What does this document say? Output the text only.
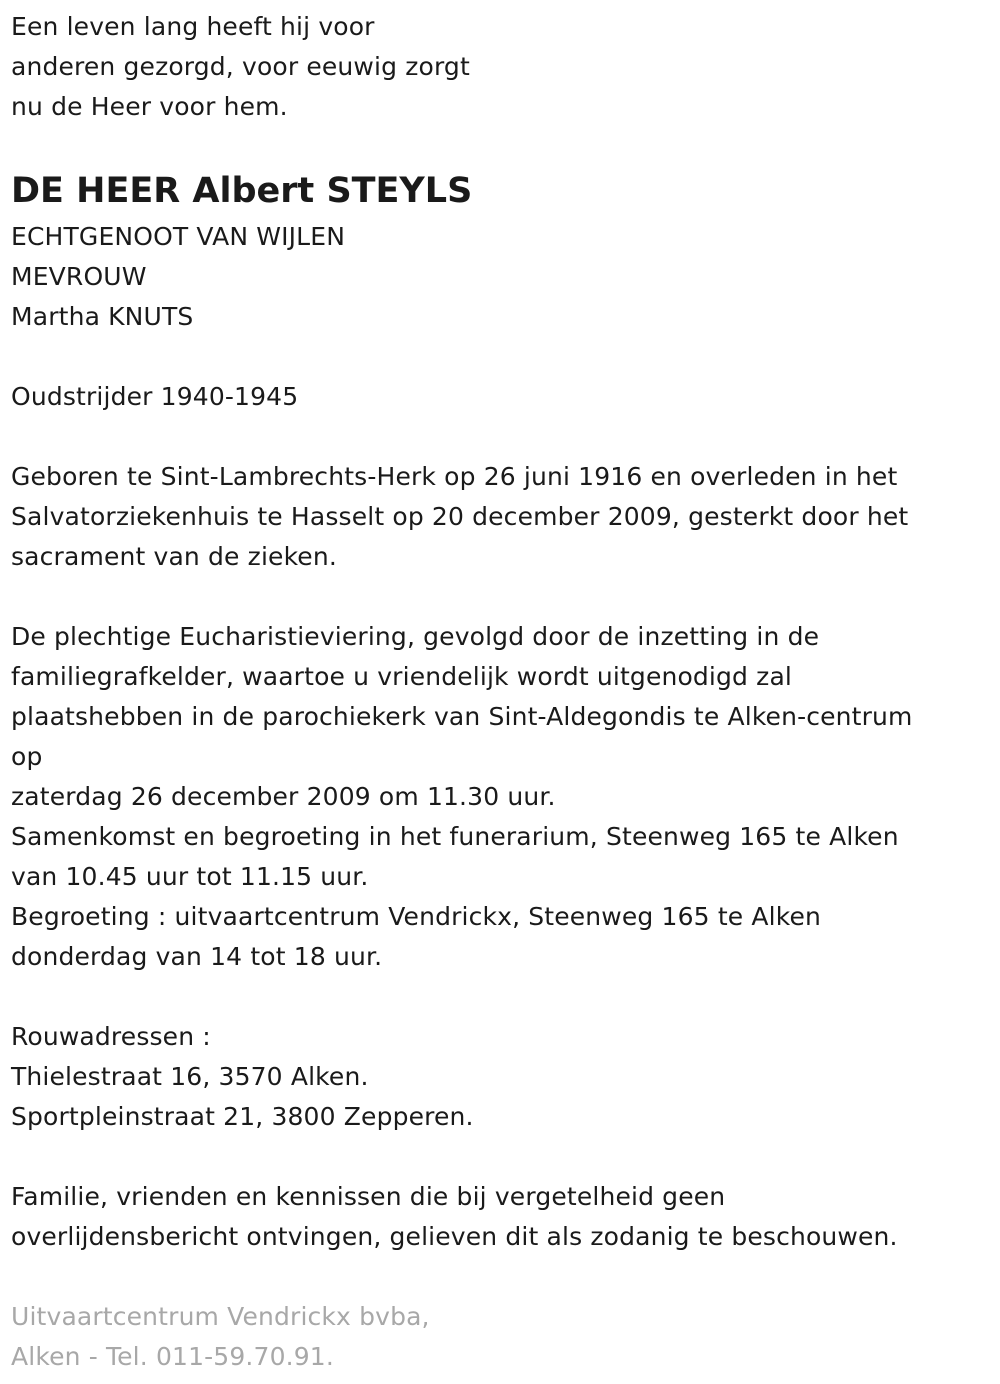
Een leven lang heeft hij voor
anderen gezorgd, voor eeuwig zorgt
nu de Heer voor hem.
DE HEER Albert STEYLS
ECHTGENOOT VAN WIJLEN
MEVROUW
Martha KNUTS
Oudstrijder 1940-1945
Geboren te Sint-Lambrechts-Herk op 26 juni 1916 en overleden in het
Salvatorziekenhuis te Hasselt op 20 december 2009, gesterkt door het
sacrament van de zieken.
De plechtige Eucharistieviering, gevolgd door de inzetting in de
familiegrafkelder, waartoe u vriendelijk wordt uitgenodigd zal
plaatshebben in de parochiekerk van Sint-Aldegondis te Alken-centrum
op
zaterdag 26 december 2009 om 11.30 uur.
Samenkomst en begroeting in het funerarium, Steenweg 165 te Alken
van 10.45 uur tot 11.15 uur.
Begroeting : uitvaartcentrum Vendrickx, Steenweg 165 te Alken
donderdag van 14 tot 18 uur.
Rouwadressen :
Thielestraat 16, 3570 Alken.
Sportpleinstraat 21, 3800 Zepperen.
Familie, vrienden en kennissen die bij vergetelheid geen
overlijdensbericht ontvingen, gelieven dit als zodanig te beschouwen.
Uitvaartcentrum Vendrickx bvba,
Alken - Tel. 011-59.70.91.
